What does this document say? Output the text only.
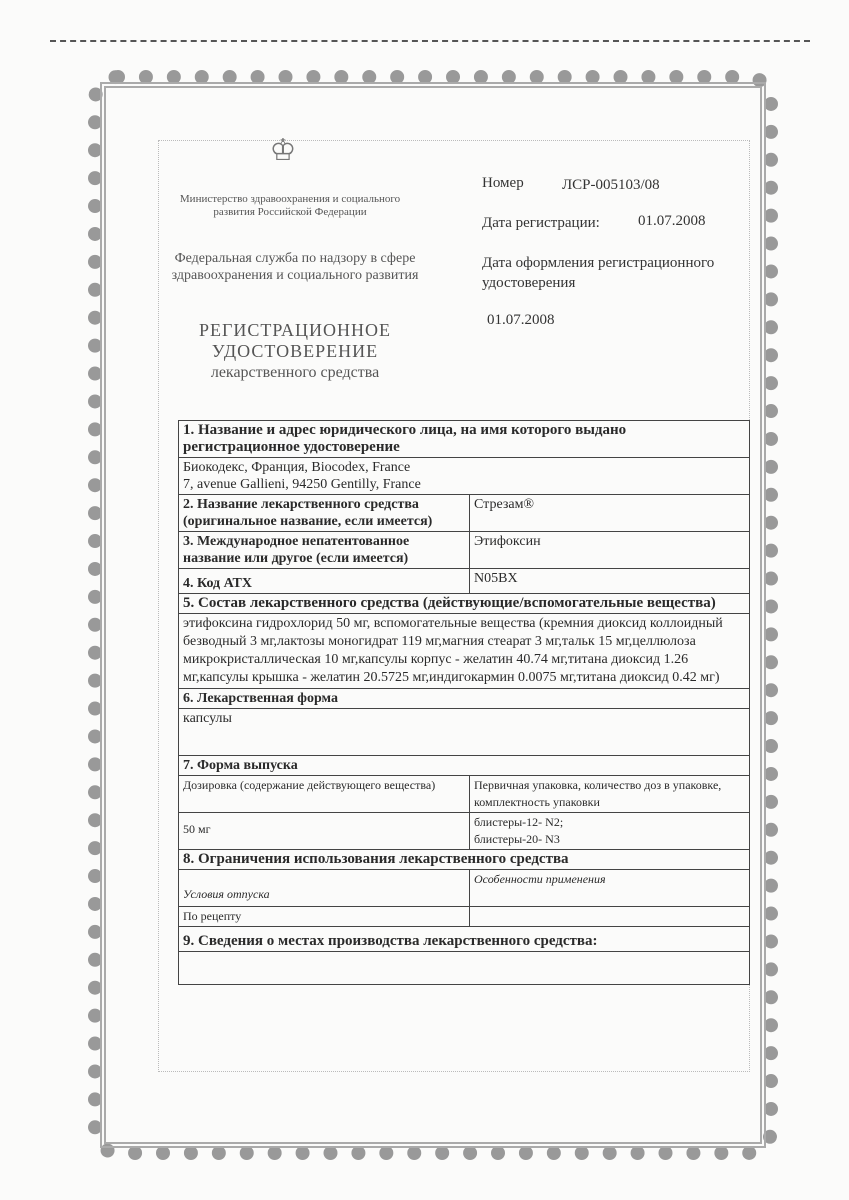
♔
Министерство здравоохранения и социального развития Российской Федерации
Федеральная служба по надзору в сфере здравоохранения и социального развития
РЕГИСТРАЦИОННОЕ
УДОСТОВЕРЕНИЕ
лекарственного средства
Номер	ЛСР-005103/08
Дата регистрации:	01.07.2008
Дата оформления регистрационного удостоверения
01.07.2008
1. Название и адрес юридического лица, на имя которого выдано регистрационное удостоверение	

Биокодекс, Франция, Biocodex, France
7, avenue Gallieni, 94250 Gentilly, France	

2. Название лекарственного средства (оригинальное название, если имеется)	Стрезам®
3. Международное непатентованное название или другое (если имеется)	Этифоксин
4. Код АТХ	N05BX
5. Состав лекарственного средства (действующие/вспомогательные вещества)	
этифоксина гидрохлорид 50 мг, вспомогательные вещества (кремния диоксид коллоидный безводный 3 мг,лактозы моногидрат 119 мг,магния стеарат 3 мг,тальк 15 мг,целлюлоза микрокристаллическая 10 мг,капсулы корпус - желатин 40.74 мг,титана диоксид 1.26 мг,капсулы крышка - желатин 20.5725 мг,индигокармин 0.0075 мг,титана диоксид 0.42 мг)	
6. Лекарственная форма	
капсулы	
7. Форма выпуска	
Дозировка (содержание действующего вещества)	Первичная упаковка, количество доз в упаковке, комплектность упаковки
50 мг	блистеры-12- N2;
блистеры-20- N3

8. Ограничения использования лекарственного средства	
Условия отпуска	Особенности применения
По рецепту	
9. Сведения о местах производства лекарственного средства:	
